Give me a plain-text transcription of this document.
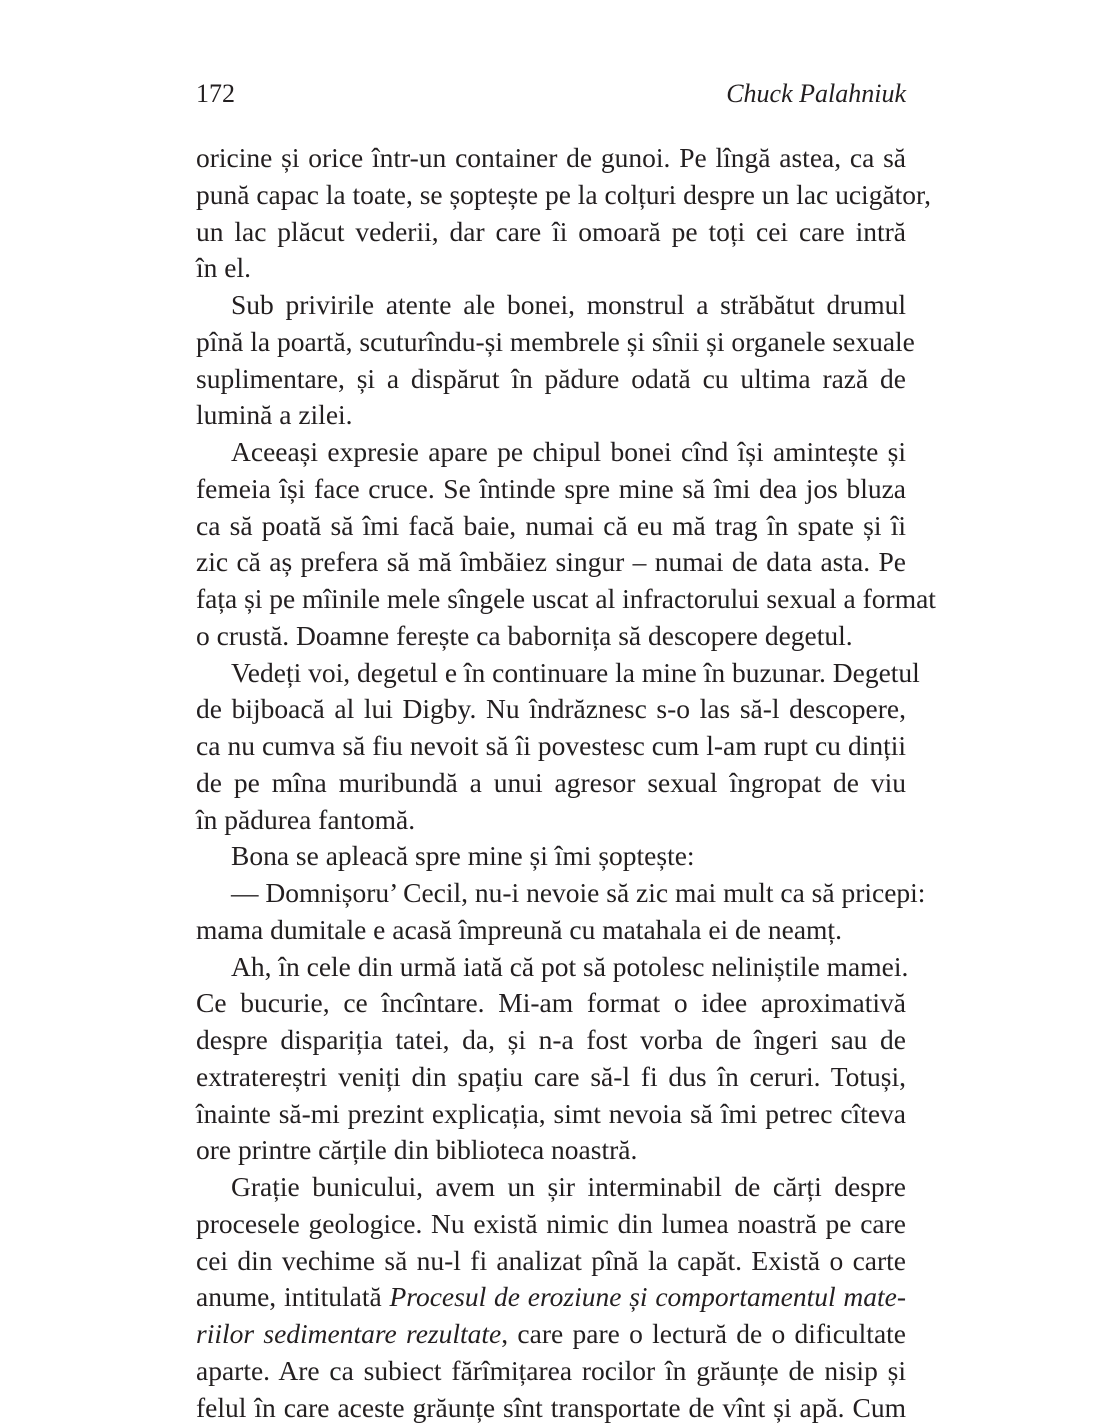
172	Chuck Palahniuk
oricine și orice într-un container de gunoi. Pe lîngă astea, ca să
pună capac la toate, se șoptește pe la colțuri despre un lac ucigător,
un lac plăcut vederii, dar care îi omoară pe toți cei care intră
în el.
Sub privirile atente ale bonei, monstrul a străbătut drumul
pînă la poartă, scuturîndu-și membrele și sînii și organele sexuale
suplimentare, și a dispărut în pădure odată cu ultima rază de
lumină a zilei.
Aceeași expresie apare pe chipul bonei cînd își amintește și
femeia își face cruce. Se întinde spre mine să îmi dea jos bluza
ca să poată să îmi facă baie, numai că eu mă trag în spate și îi
zic că aș prefera să mă îmbăiez singur – numai de data asta. Pe
fața și pe mîinile mele sîngele uscat al infractorului sexual a format
o crustă. Doamne ferește ca babornița să descopere degetul.
Vedeți voi, degetul e în continuare la mine în buzunar. Degetul
de bijboacă al lui Digby. Nu îndrăznesc s-o las să-l descopere,
ca nu cumva să fiu nevoit să îi povestesc cum l-am rupt cu dinții
de pe mîna muribundă a unui agresor sexual îngropat de viu
în pădurea fantomă.
Bona se apleacă spre mine și îmi șoptește:
— Domnișoru’ Cecil, nu-i nevoie să zic mai mult ca să pricepi:
mama dumitale e acasă împreună cu matahala ei de neamț.
Ah, în cele din urmă iată că pot să potolesc neliniștile mamei.
Ce bucurie, ce încîntare. Mi-am format o idee aproximativă
despre dispariția tatei, da, și n-a fost vorba de îngeri sau de
extratereștri veniți din spațiu care să-l fi dus în ceruri. Totuși,
înainte să-mi prezint explicația, simt nevoia să îmi petrec cîteva
ore printre cărțile din biblioteca noastră.
Grație bunicului, avem un șir interminabil de cărți despre
procesele geologice. Nu există nimic din lumea noastră pe care
cei din vechime să nu-l fi analizat pînă la capăt. Există o carte
anume, intitulată Procesul de eroziune și comportamentul mate-
riilor sedimentare rezultate, care pare o lectură de o dificultate
aparte. Are ca subiect fărîmițarea rocilor în grăunțe de nisip și
felul în care aceste grăunțe sînt transportate de vînt și apă. Cum
